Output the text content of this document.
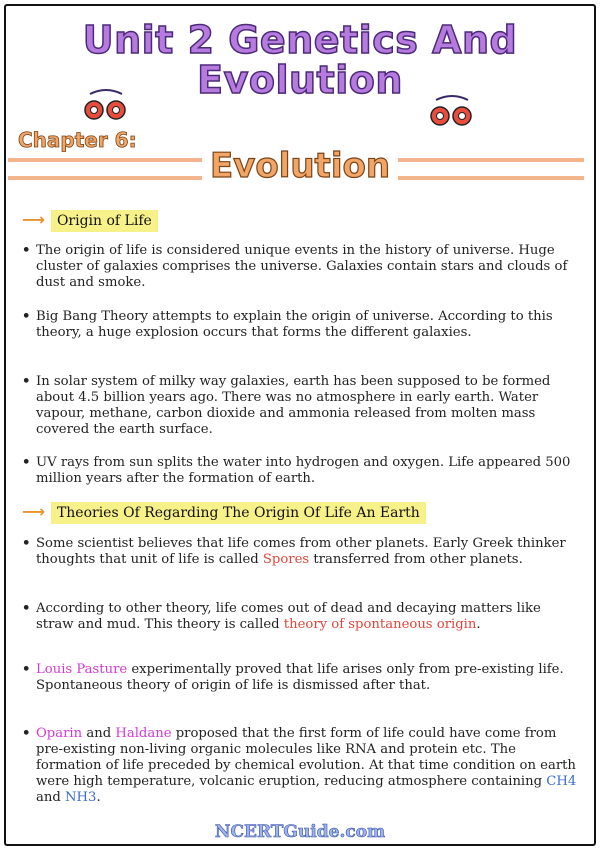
Unit 2 Genetics And
Evolution
Chapter 6:
Evolution
⟶ Origin of Life
• The origin of life is considered unique events in the history of universe. Huge cluster of galaxies comprises the universe. Galaxies contain stars and clouds of dust and smoke.
• Big Bang Theory attempts to explain the origin of universe. According to this theory, a huge explosion occurs that forms the different galaxies.
• In solar system of milky way galaxies, earth has been supposed to be formed about 4.5 billion years ago. There was no atmosphere in early earth. Water vapour, methane, carbon dioxide and ammonia released from molten mass covered the earth surface.
• UV rays from sun splits the water into hydrogen and oxygen. Life appeared 500 million years after the formation of earth.
⟶ Theories Of Regarding The Origin Of Life An Earth
• Some scientist believes that life comes from other planets. Early Greek thinker thoughts that unit of life is called Spores transferred from other planets.
• According to other theory, life comes out of dead and decaying matters like straw and mud. This theory is called theory of spontaneous origin.
• Louis Pasture experimentally proved that life arises only from pre-existing life. Spontaneous theory of origin of life is dismissed after that.
• Oparin and Haldane proposed that the first form of life could have come from pre-existing non-living organic molecules like RNA and protein etc. The formation of life preceded by chemical evolution. At that time condition on earth were high temperature, volcanic eruption, reducing atmosphere containing CH4 and NH3.
NCERTGuide.com
